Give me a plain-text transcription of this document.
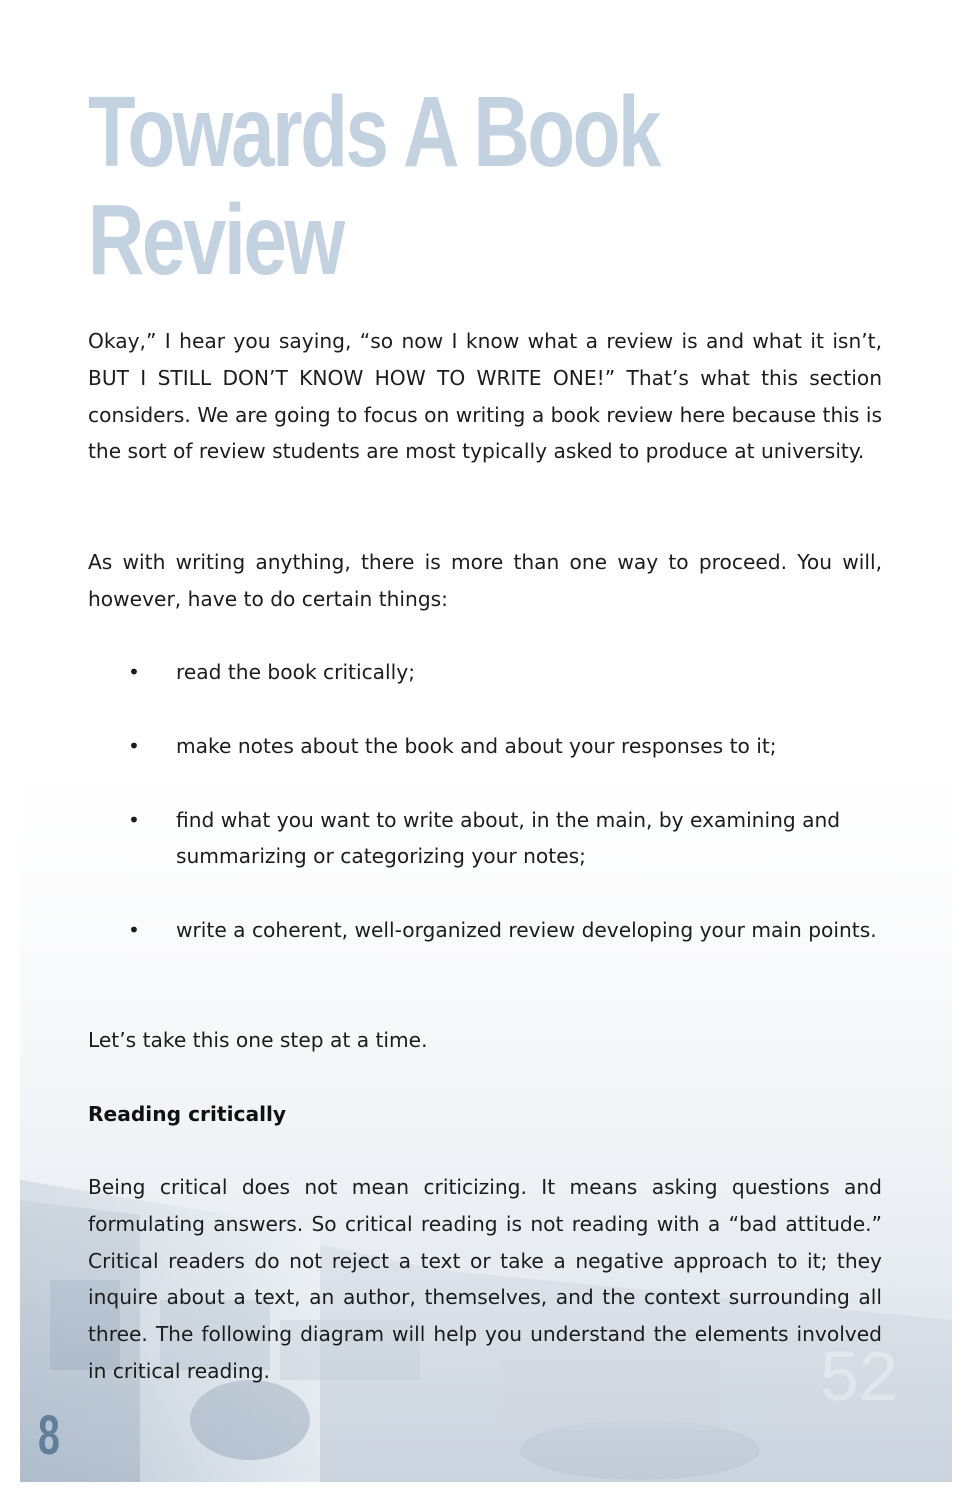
Towards A Book
Review

Okay,” I hear you saying, “so now I know what a review is and what it isn’t, BUT I STILL DON’T KNOW HOW TO WRITE ONE!” That’s what this section considers. We are going to focus on writing a book review here because this is the sort of review students are most typically asked to produce at university.

As with writing anything, there is more than one way to proceed. You will, however, have to do certain things:

• read the book critically;
• make notes about the book and about your responses to it;
• find what you want to write about, in the main, by examining and summarizing or categorizing your notes;
• write a coherent, well-organized review developing your main points.

Let’s take this one step at a time.

Reading critically

Being critical does not mean criticizing. It means asking questions and formulating answers. So critical reading is not reading with a “bad attitude.” Critical readers do not reject a text or take a negative approach to it; they inquire about a text, an author, themselves, and the context surrounding all three. The following diagram will help you understand the elements involved in critical reading.

8
